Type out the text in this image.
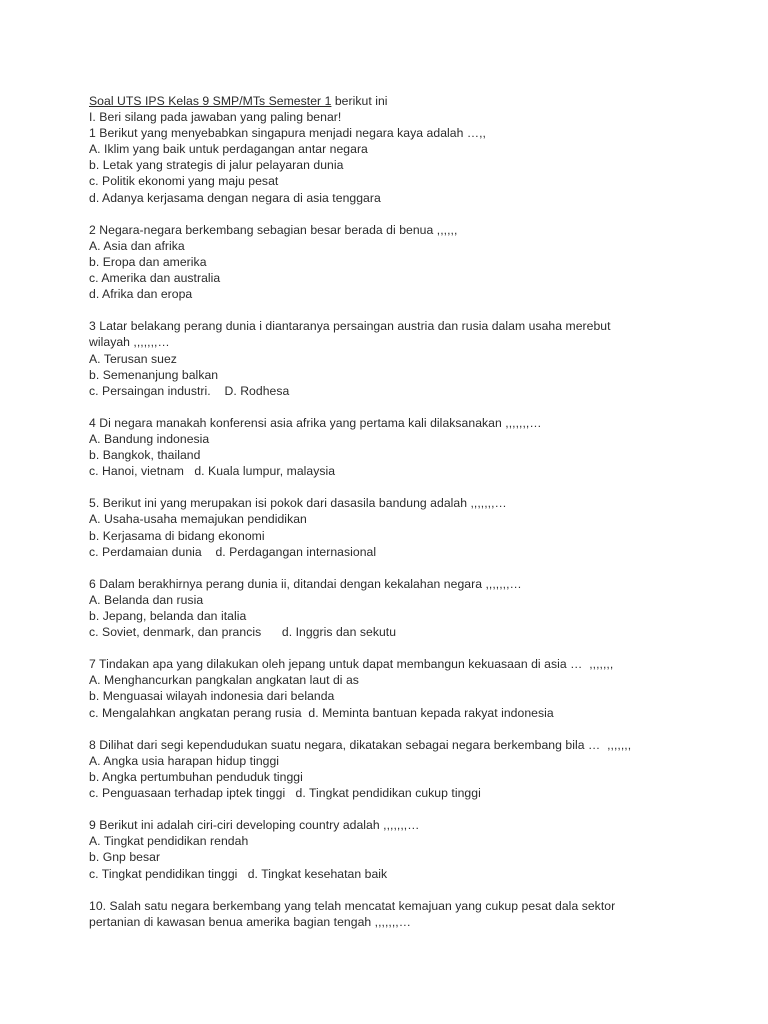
Soal UTS IPS Kelas 9 SMP/MTs Semester 1 berikut ini
I. Beri silang pada jawaban yang paling benar!
1 Berikut yang menyebabkan singapura menjadi negara kaya adalah …,,
A. Iklim yang baik untuk perdagangan antar negara
b. Letak yang strategis di jalur pelayaran dunia
c. Politik ekonomi yang maju pesat
d. Adanya kerjasama dengan negara di asia tenggara
2 Negara-negara berkembang sebagian besar berada di benua ,,,,,,
A. Asia dan afrika
b. Eropa dan amerika
c. Amerika dan australia
d. Afrika dan eropa
3 Latar belakang perang dunia i diantaranya persaingan austria dan rusia dalam usaha merebut
wilayah ,,,,,,,…
A. Terusan suez
b. Semenanjung balkan
c. Persaingan industri.    D. Rodhesa
4 Di negara manakah konferensi asia afrika yang pertama kali dilaksanakan ,,,,,,,…
A. Bandung indonesia
b. Bangkok, thailand
c. Hanoi, vietnam   d. Kuala lumpur, malaysia
5. Berikut ini yang merupakan isi pokok dari dasasila bandung adalah ,,,,,,,…
A. Usaha-usaha memajukan pendidikan
b. Kerjasama di bidang ekonomi
c. Perdamaian dunia    d. Perdagangan internasional
6 Dalam berakhirnya perang dunia ii, ditandai dengan kekalahan negara ,,,,,,,…
A. Belanda dan rusia
b. Jepang, belanda dan italia
c. Soviet, denmark, dan prancis      d. Inggris dan sekutu
7 Tindakan apa yang dilakukan oleh jepang untuk dapat membangun kekuasaan di asia …  ,,,,,,,
A. Menghancurkan pangkalan angkatan laut di as
b. Menguasai wilayah indonesia dari belanda
c. Mengalahkan angkatan perang rusia  d. Meminta bantuan kepada rakyat indonesia
8 Dilihat dari segi kependudukan suatu negara, dikatakan sebagai negara berkembang bila …  ,,,,,,,
A. Angka usia harapan hidup tinggi
b. Angka pertumbuhan penduduk tinggi
c. Penguasaan terhadap iptek tinggi   d. Tingkat pendidikan cukup tinggi
9 Berikut ini adalah ciri-ciri developing country adalah ,,,,,,,…
A. Tingkat pendidikan rendah
b. Gnp besar
c. Tingkat pendidikan tinggi   d. Tingkat kesehatan baik
10. Salah satu negara berkembang yang telah mencatat kemajuan yang cukup pesat dala sektor
pertanian di kawasan benua amerika bagian tengah ,,,,,,,…
